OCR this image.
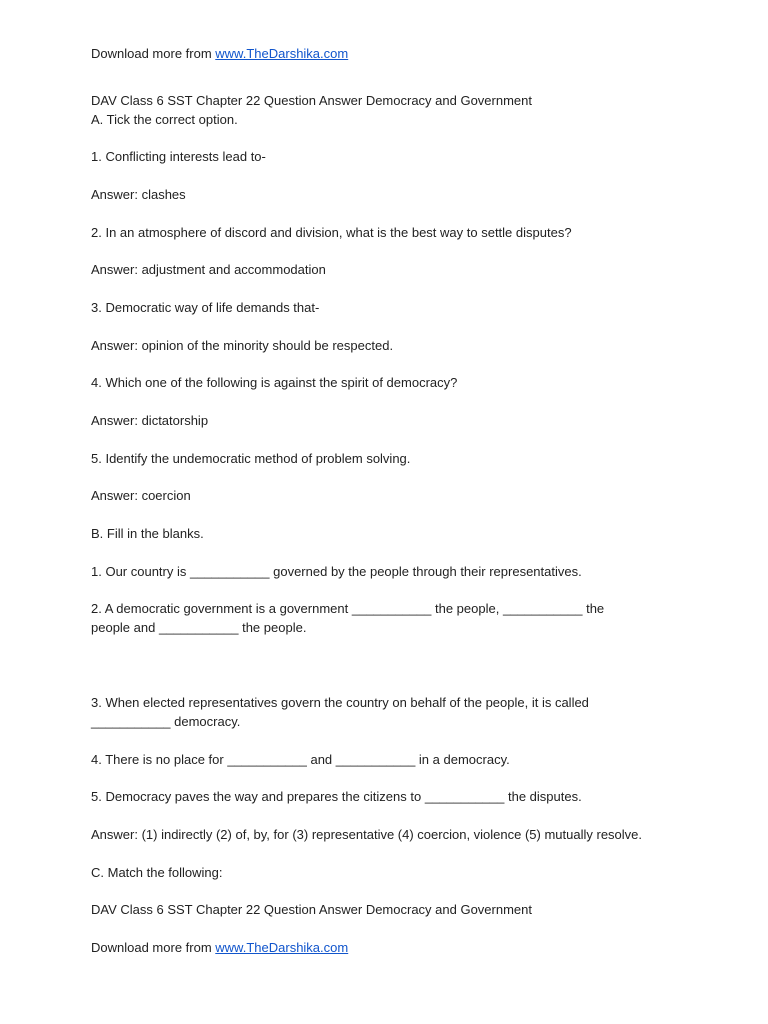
Download more from www.TheDarshika.com
DAV Class 6 SST Chapter 22 Question Answer Democracy and Government
A. Tick the correct option.
1. Conflicting interests lead to-
Answer: clashes
2. In an atmosphere of discord and division, what is the best way to settle disputes?
Answer: adjustment and accommodation
3. Democratic way of life demands that-
Answer: opinion of the minority should be respected.
4. Which one of the following is against the spirit of democracy?
Answer: dictatorship
5. Identify the undemocratic method of problem solving.
Answer: coercion
B. Fill in the blanks.
1. Our country is ___________ governed by the people through their representatives.
2. A democratic government is a government ___________ the people, ___________ the
people and ___________ the people.
3. When elected representatives govern the country on behalf of the people, it is called
___________ democracy.
4. There is no place for ___________ and ___________ in a democracy.
5. Democracy paves the way and prepares the citizens to ___________ the disputes.
Answer: (1) indirectly (2) of, by, for (3) representative (4) coercion, violence (5) mutually resolve.
C. Match the following:
DAV Class 6 SST Chapter 22 Question Answer Democracy and Government
Download more from www.TheDarshika.com
